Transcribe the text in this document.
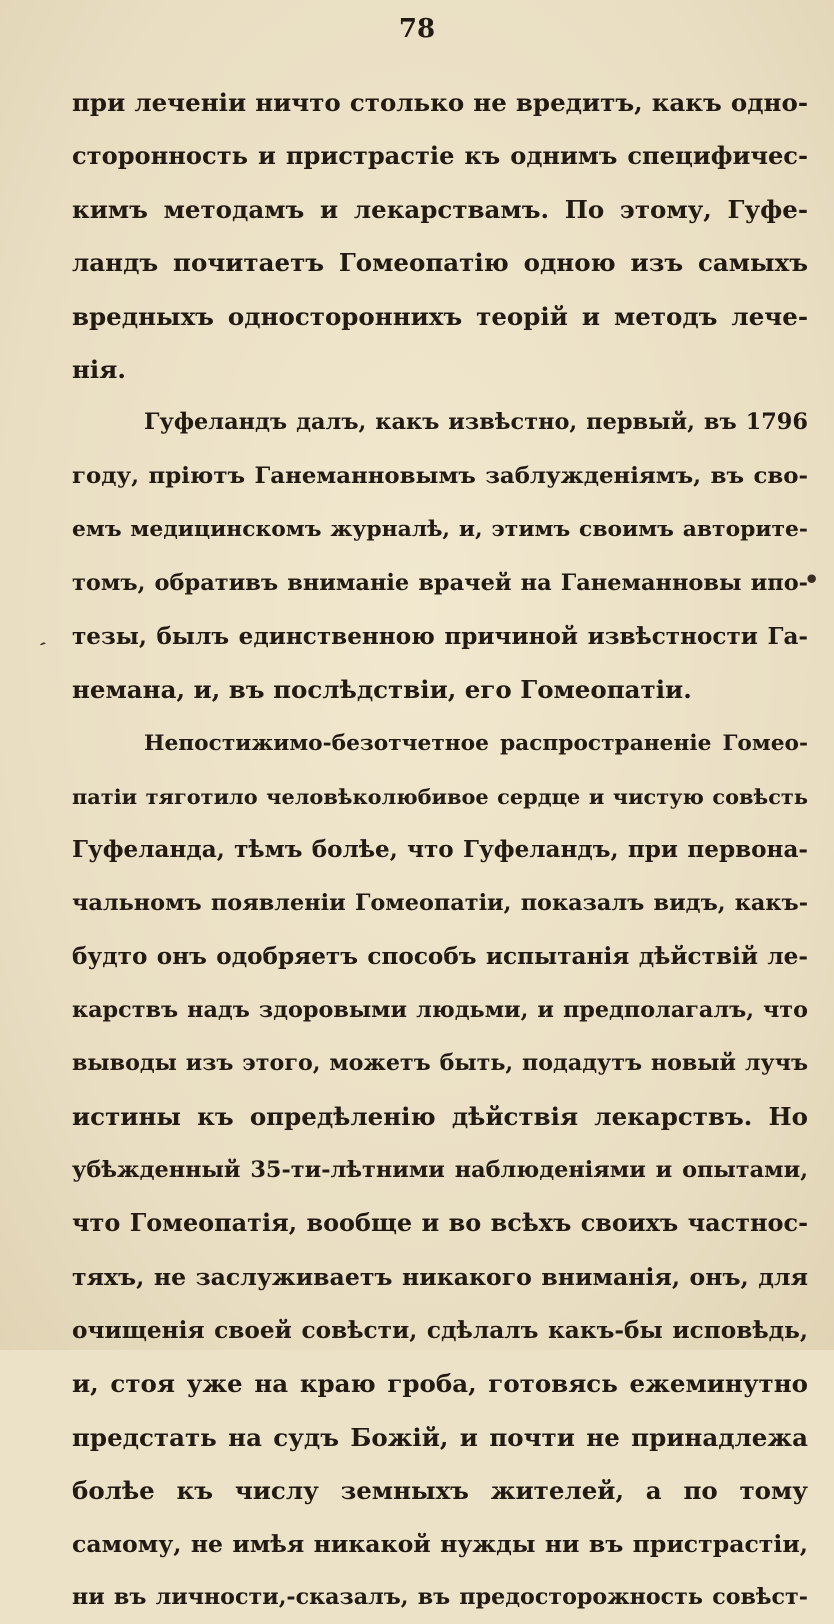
78
при леченіи ничто столько не вредитъ, какъ одно-
сторонность и пристрастіе къ однимъ специфичес-
кимъ методамъ и лекарствамъ. По этому, Гуфе-
ландъ почитаетъ Гомеопатію одною изъ самыхъ
вредныхъ одностороннихъ теорій и методъ лече-
нія.
Гуфеландъ далъ, какъ извѣстно, первый, въ 1796
году, пріютъ Ганеманновымъ заблужденіямъ, въ сво-
емъ медицинскомъ журналѣ, и, этимъ своимъ авторите-
томъ, обративъ вниманіе врачей на Ганеманновы ипо-
тезы, былъ единственною причиной извѣстности Га-
немана, и, въ послѣдствіи, его Гомеопатіи.
Непостижимо-безотчетное распространеніе Гомео-
патіи тяготило человѣколюбивое сердце и чистую совѣсть
Гуфеланда, тѣмъ болѣе, что Гуфеландъ, при первона-
чальномъ появленіи Гомеопатіи, показалъ видъ, какъ-
будто онъ одобряетъ способъ испытанія дѣйствій ле-
карствъ надъ здоровыми людьми, и предполагалъ, что
выводы изъ этого, можетъ быть, подадутъ новый лучъ
истины къ опредѣленію дѣйствія лекарствъ. Но
убѣжденный 35-ти-лѣтними наблюденіями и опытами,
что Гомеопатія, вообще и во всѣхъ своихъ частнос-
тяхъ, не заслуживаетъ никакого вниманія, онъ, для
очищенія своей совѣсти, сдѣлалъ какъ-бы исповѣдь,
и, стоя уже на краю гроба, готовясь ежеминутно
предстать на судъ Божій, и почти не принадлежа
болѣе къ числу земныхъ жителей, а по тому
самому, не имѣя никакой нужды ни въ пристрастіи,
ни въ личности,-сказалъ, въ предосторожность совѣст-
•
´
